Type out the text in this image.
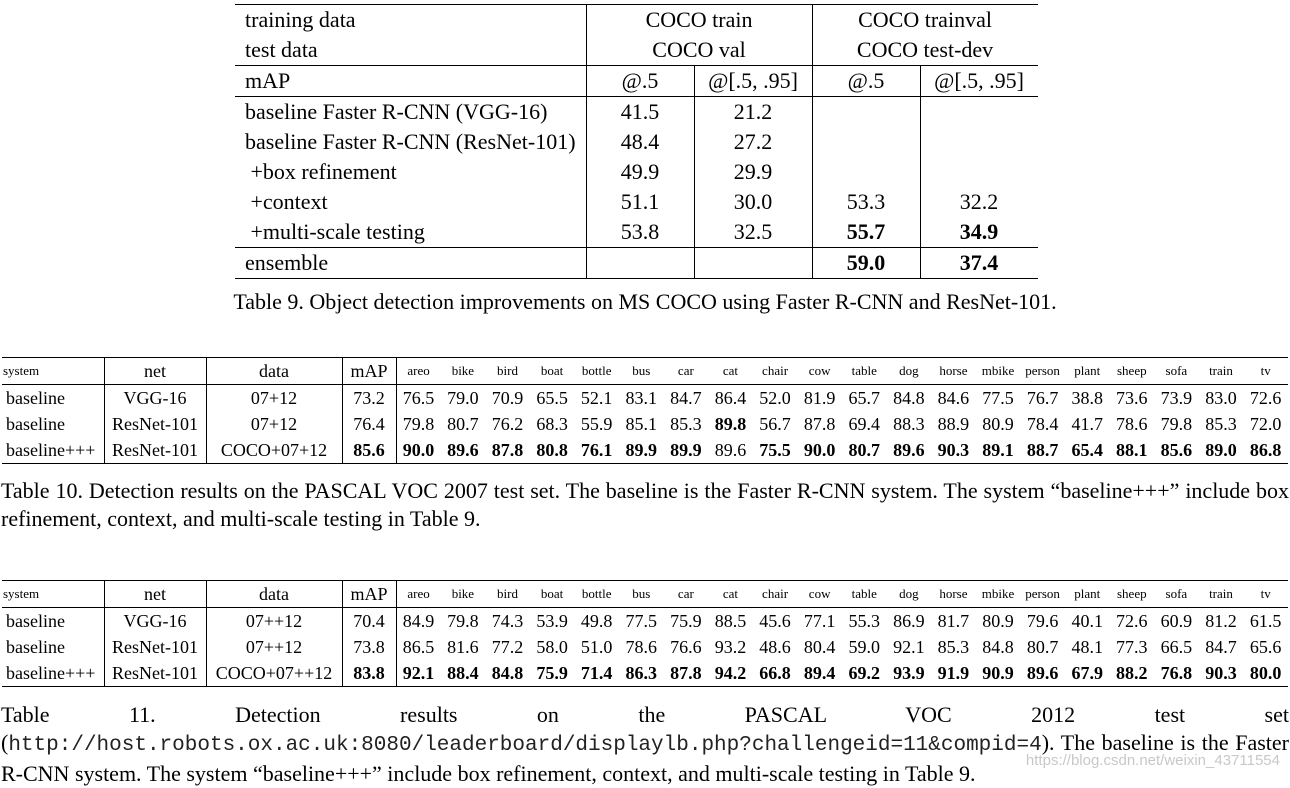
training data	COCO train		COCO trainval	
test data	COCO val		COCO test-dev	
mAP	@.5	@[.5, .95]	@.5	@[.5, .95]
baseline Faster R-CNN (VGG-16)	41.5	21.2		
baseline Faster R-CNN (ResNet-101)	48.4	27.2		
+box refinement	49.9	29.9		
+context	51.1	30.0	53.3	32.2
+multi-scale testing	53.8	32.5	55.7	34.9
ensemble			59.0	37.4
Table 9. Object detection improvements on MS COCO using Faster R-CNN and ResNet-101.
system	net	data	mAP	areo	bike	bird	boat	bottle	bus	car	cat	chair	cow	table	dog	horse	mbike	person	plant	sheep	sofa	train	tv
baseline	VGG-16	07+12	73.2	76.5	79.0	70.9	65.5	52.1	83.1	84.7	86.4	52.0	81.9	65.7	84.8	84.6	77.5	76.7	38.8	73.6	73.9	83.0	72.6
baseline	ResNet-101	07+12	76.4	79.8	80.7	76.2	68.3	55.9	85.1	85.3	89.8	56.7	87.8	69.4	88.3	88.9	80.9	78.4	41.7	78.6	79.8	85.3	72.0
baseline+++	ResNet-101	COCO+07+12	85.6	90.0	89.6	87.8	80.8	76.1	89.9	89.9	89.6	75.5	90.0	80.7	89.6	90.3	89.1	88.7	65.4	88.1	85.6	89.0	86.8
Table 10. Detection results on the PASCAL VOC 2007 test set. The baseline is the Faster R-CNN system. The system “baseline+++” include box refinement, context, and multi-scale testing in Table 9.
system	net	data	mAP	areo	bike	bird	boat	bottle	bus	car	cat	chair	cow	table	dog	horse	mbike	person	plant	sheep	sofa	train	tv
baseline	VGG-16	07++12	70.4	84.9	79.8	74.3	53.9	49.8	77.5	75.9	88.5	45.6	77.1	55.3	86.9	81.7	80.9	79.6	40.1	72.6	60.9	81.2	61.5
baseline	ResNet-101	07++12	73.8	86.5	81.6	77.2	58.0	51.0	78.6	76.6	93.2	48.6	80.4	59.0	92.1	85.3	84.8	80.7	48.1	77.3	66.5	84.7	65.6
baseline+++	ResNet-101	COCO+07++12	83.8	92.1	88.4	84.8	75.9	71.4	86.3	87.8	94.2	66.8	89.4	69.2	93.9	91.9	90.9	89.6	67.9	88.2	76.8	90.3	80.0
Table 11. Detection results on the PASCAL VOC 2012 test set (http://host.robots.ox.ac.uk:8080/leaderboard/displaylb.php?challengeid=11&compid=4). The baseline is the Faster R-CNN system. The system “baseline+++” include box refinement, context, and multi-scale testing in Table 9.
https://blog.csdn.net/weixin_43711554
